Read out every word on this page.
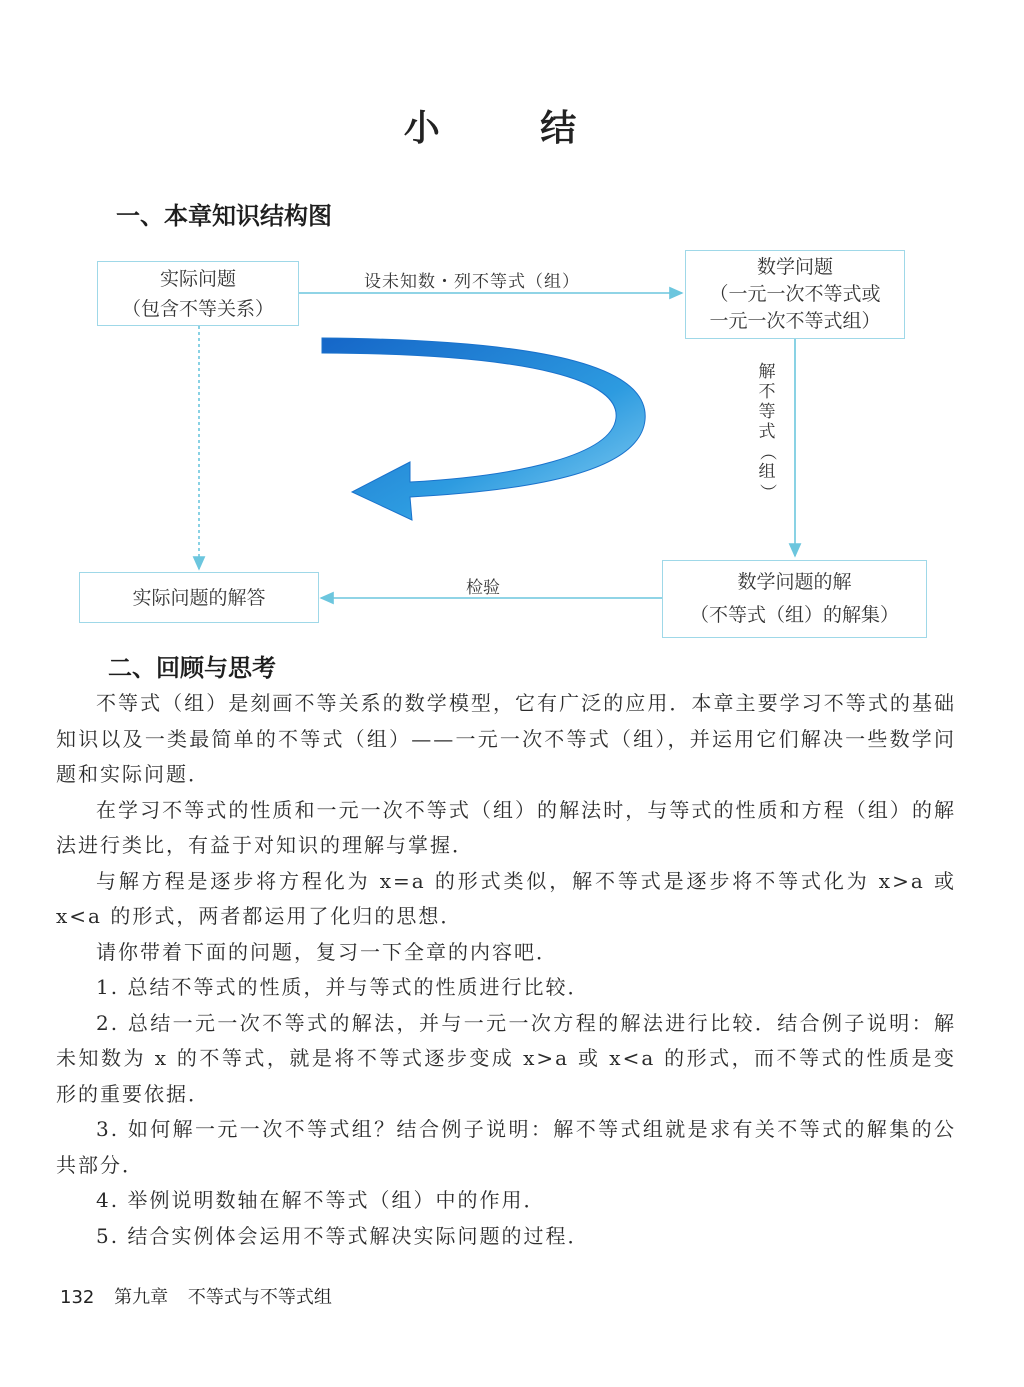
小 结
一、本章知识结构图
实际问题
（包含不等关系）
数学问题
（一元一次不等式或
一元一次不等式组）
数学问题的解
（不等式（组）的解集）
实际问题的解答
设未知数・列不等式（组）
检验
解
不
等
式
（
组
）
二、回顾与思考

不等式（组）是刻画不等关系的数学模型，它有广泛的应用．本章主要学习不等式的基础知识以及一类最简单的不等式（组）——一元一次不等式（组），并运用它们解决一些数学问题和实际问题．

在学习不等式的性质和一元一次不等式（组）的解法时，与等式的性质和方程（组）的解法进行类比，有益于对知识的理解与掌握．

与解方程是逐步将方程化为 x=a 的形式类似，解不等式是逐步将不等式化为 x>a 或 x<a 的形式，两者都运用了化归的思想．

请你带着下面的问题，复习一下全章的内容吧．

1. 总结不等式的性质，并与等式的性质进行比较．

2. 总结一元一次不等式的解法，并与一元一次方程的解法进行比较．结合例子说明：解未知数为 x 的不等式，就是将不等式逐步变成 x>a 或 x<a 的形式，而不等式的性质是变形的重要依据．

3. 如何解一元一次不等式组？结合例子说明：解不等式组就是求有关不等式的解集的公共部分．

4. 举例说明数轴在解不等式（组）中的作用．

5. 结合实例体会运用不等式解决实际问题的过程．

132 第九章 不等式与不等式组
